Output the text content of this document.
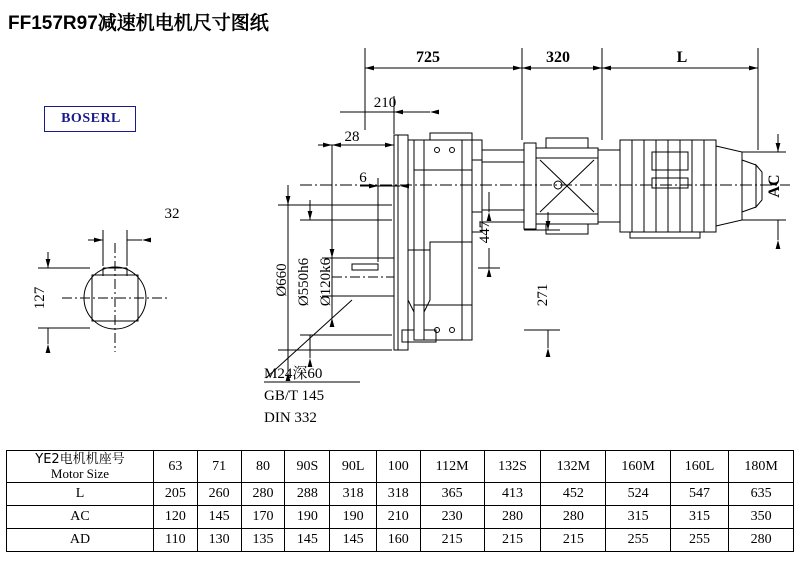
FF157R97减速机电机尺寸图纸
BOSERL
725	320	L
210
28
6
32
127
Ø660 Ø550h6 Ø120k6
447
271
AC
M24深60
GB/T 145
DIN 332
YE2电机机座号
Motor Size	63	71	80	90S	90L	100	112M	132S	132M	160M	160L	180M
L	205	260	280	288	318	318	365	413	452	524	547	635
AC	120	145	170	190	190	210	230	280	280	315	315	350
AD	110	130	135	145	145	160	215	215	215	255	255	280
